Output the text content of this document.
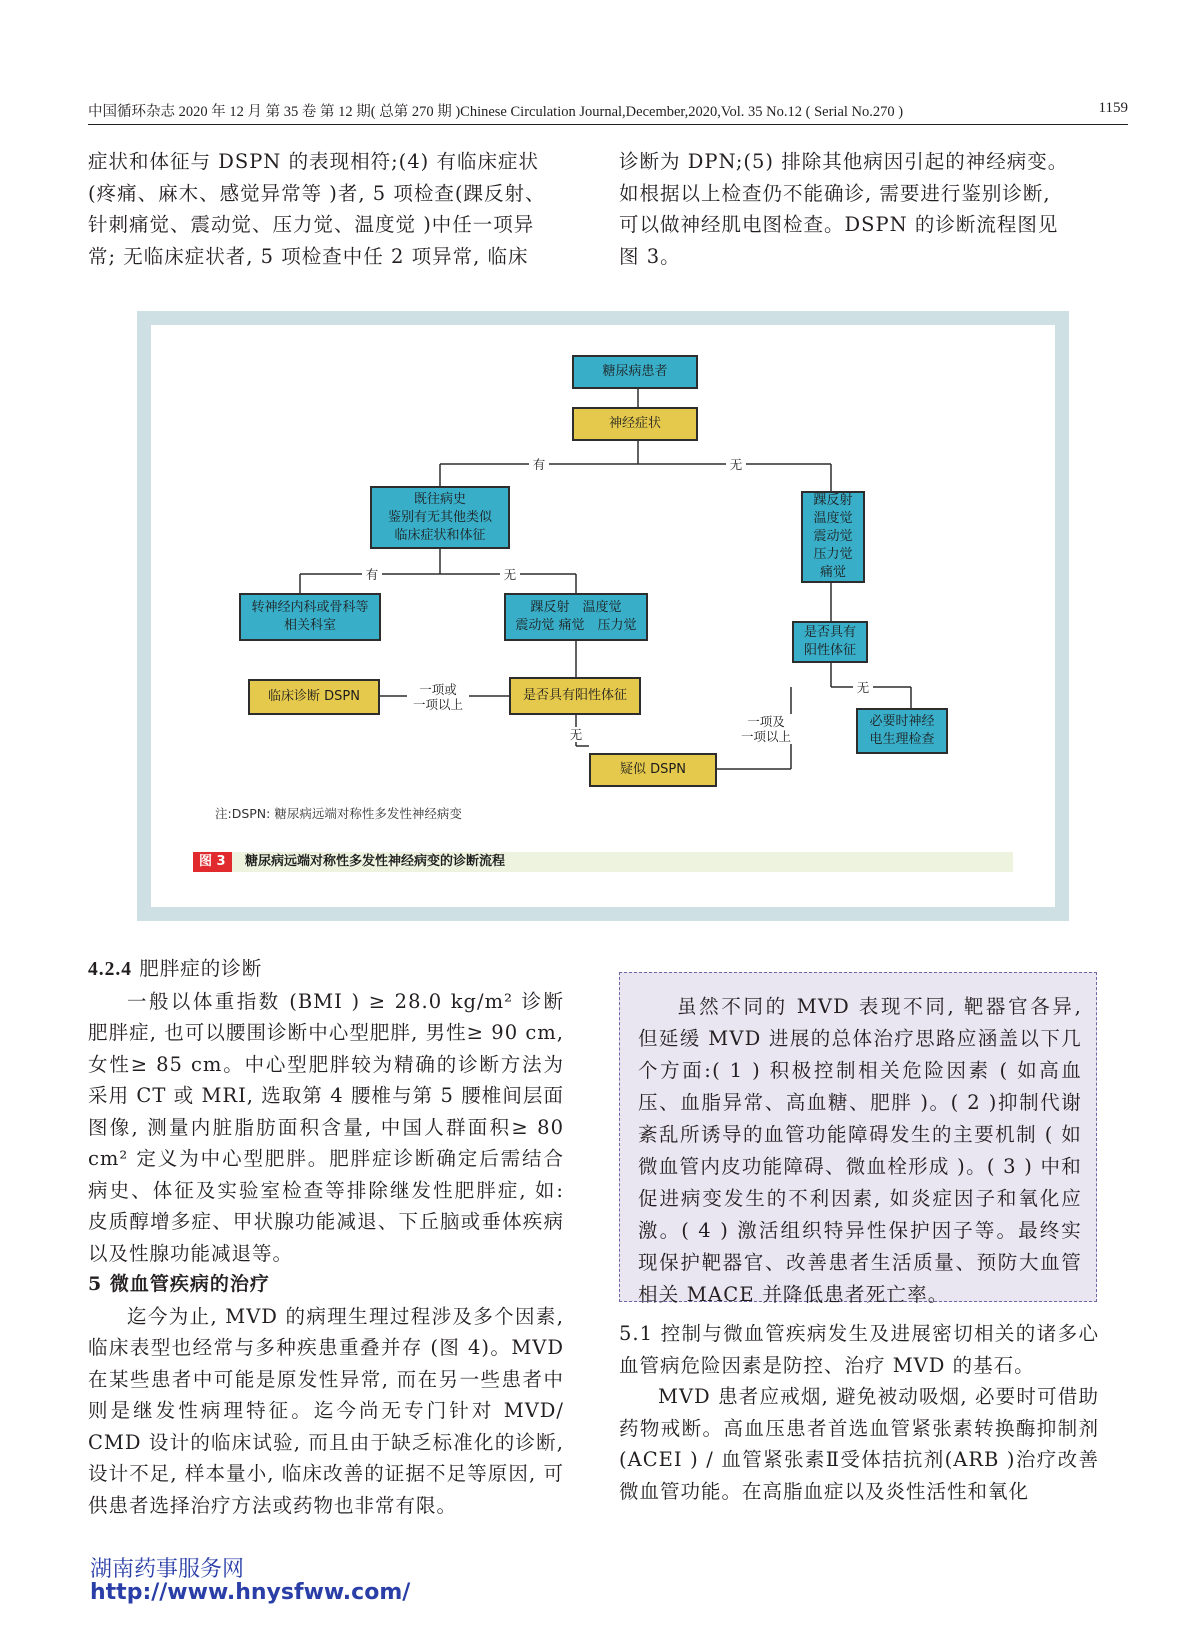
中国循环杂志 2020 年 12 月 第 35 卷 第 12 期( 总第 270 期 )Chinese Circulation Journal,December,2020,Vol. 35 No.12 ( Serial No.270 )	1159

症状和体征与 DSPN 的表现相符;(4) 有临床症状

(疼痛、麻木、感觉异常等 )者, 5 项检查(踝反射、

针刺痛觉、震动觉、压力觉、温度觉 )中任一项异

常; 无临床症状者, 5 项检查中任 2 项异常, 临床

诊断为 DPN;(5) 排除其他病因引起的神经病变。

如根据以上检查仍不能确诊, 需要进行鉴别诊断,

可以做神经肌电图检查。DSPN 的诊断流程图见

图 3。

糖尿病患者
神经症状
有	无
既往病史
鉴别有无其他类似
临床症状和体征
踝反射
温度觉
震动觉
压力觉
痛觉
有	无
转神经内科或骨科等
相关科室
踝反射　温度觉
震动觉 痛觉　压力觉	是否具有
阳性体征
临床诊断 DSPN	一项或
一项以上
是否具有阳性体征
无
必要时神经
电生理检查
无
一项及
一项以上
疑似 DSPN
注:DSPN: 糖尿病远端对称性多发性神经病变
图 3	糖尿病远端对称性多发性神经病变的诊断流程
4.2.4 肥胖症的诊断

一般以体重指数 (BMI ) ≥ 28.0 kg/m² 诊断肥胖症, 也可以腰围诊断中心型肥胖, 男性≥ 90 cm, 女性≥ 85 cm。中心型肥胖较为精确的诊断方法为采用 CT 或 MRI, 选取第 4 腰椎与第 5 腰椎间层面图像, 测量内脏脂肪面积含量, 中国人群面积≥ 80 cm² 定义为中心型肥胖。肥胖症诊断确定后需结合病史、体征及实验室检查等排除继发性肥胖症, 如: 皮质醇增多症、甲状腺功能减退、下丘脑或垂体疾病以及性腺功能减退等。

5 微血管疾病的治疗

迄今为止, MVD 的病理生理过程涉及多个因素, 临床表型也经常与多种疾患重叠并存 (图 4)。MVD 在某些患者中可能是原发性异常, 而在另一些患者中则是继发性病理特征。迄今尚无专门针对 MVD/ CMD 设计的临床试验, 而且由于缺乏标准化的诊断, 设计不足, 样本量小, 临床改善的证据不足等原因, 可供患者选择治疗方法或药物也非常有限。

虽然不同的 MVD 表现不同, 靶器官各异, 但延缓 MVD 进展的总体治疗思路应涵盖以下几个方面:( 1 ) 积极控制相关危险因素 ( 如高血压、血脂异常、高血糖、肥胖 )。( 2 )抑制代谢紊乱所诱导的血管功能障碍发生的主要机制 ( 如微血管内皮功能障碍、微血栓形成 )。( 3 ) 中和促进病变发生的不利因素, 如炎症因子和氧化应激。( 4 ) 激活组织特异性保护因子等。最终实现保护靶器官、改善患者生活质量、预防大血管相关 MACE 并降低患者死亡率。

5.1 控制与微血管疾病发生及进展密切相关的诸多心血管病危险因素是防控、治疗 MVD 的基石。

MVD 患者应戒烟, 避免被动吸烟, 必要时可借助药物戒断。高血压患者首选血管紧张素转换酶抑制剂(ACEI ) / 血管紧张素Ⅱ受体拮抗剂(ARB )治疗改善微血管功能。在高脂血症以及炎性活性和氧化

湖南药事服务网
http://www.hnysfww.com/
